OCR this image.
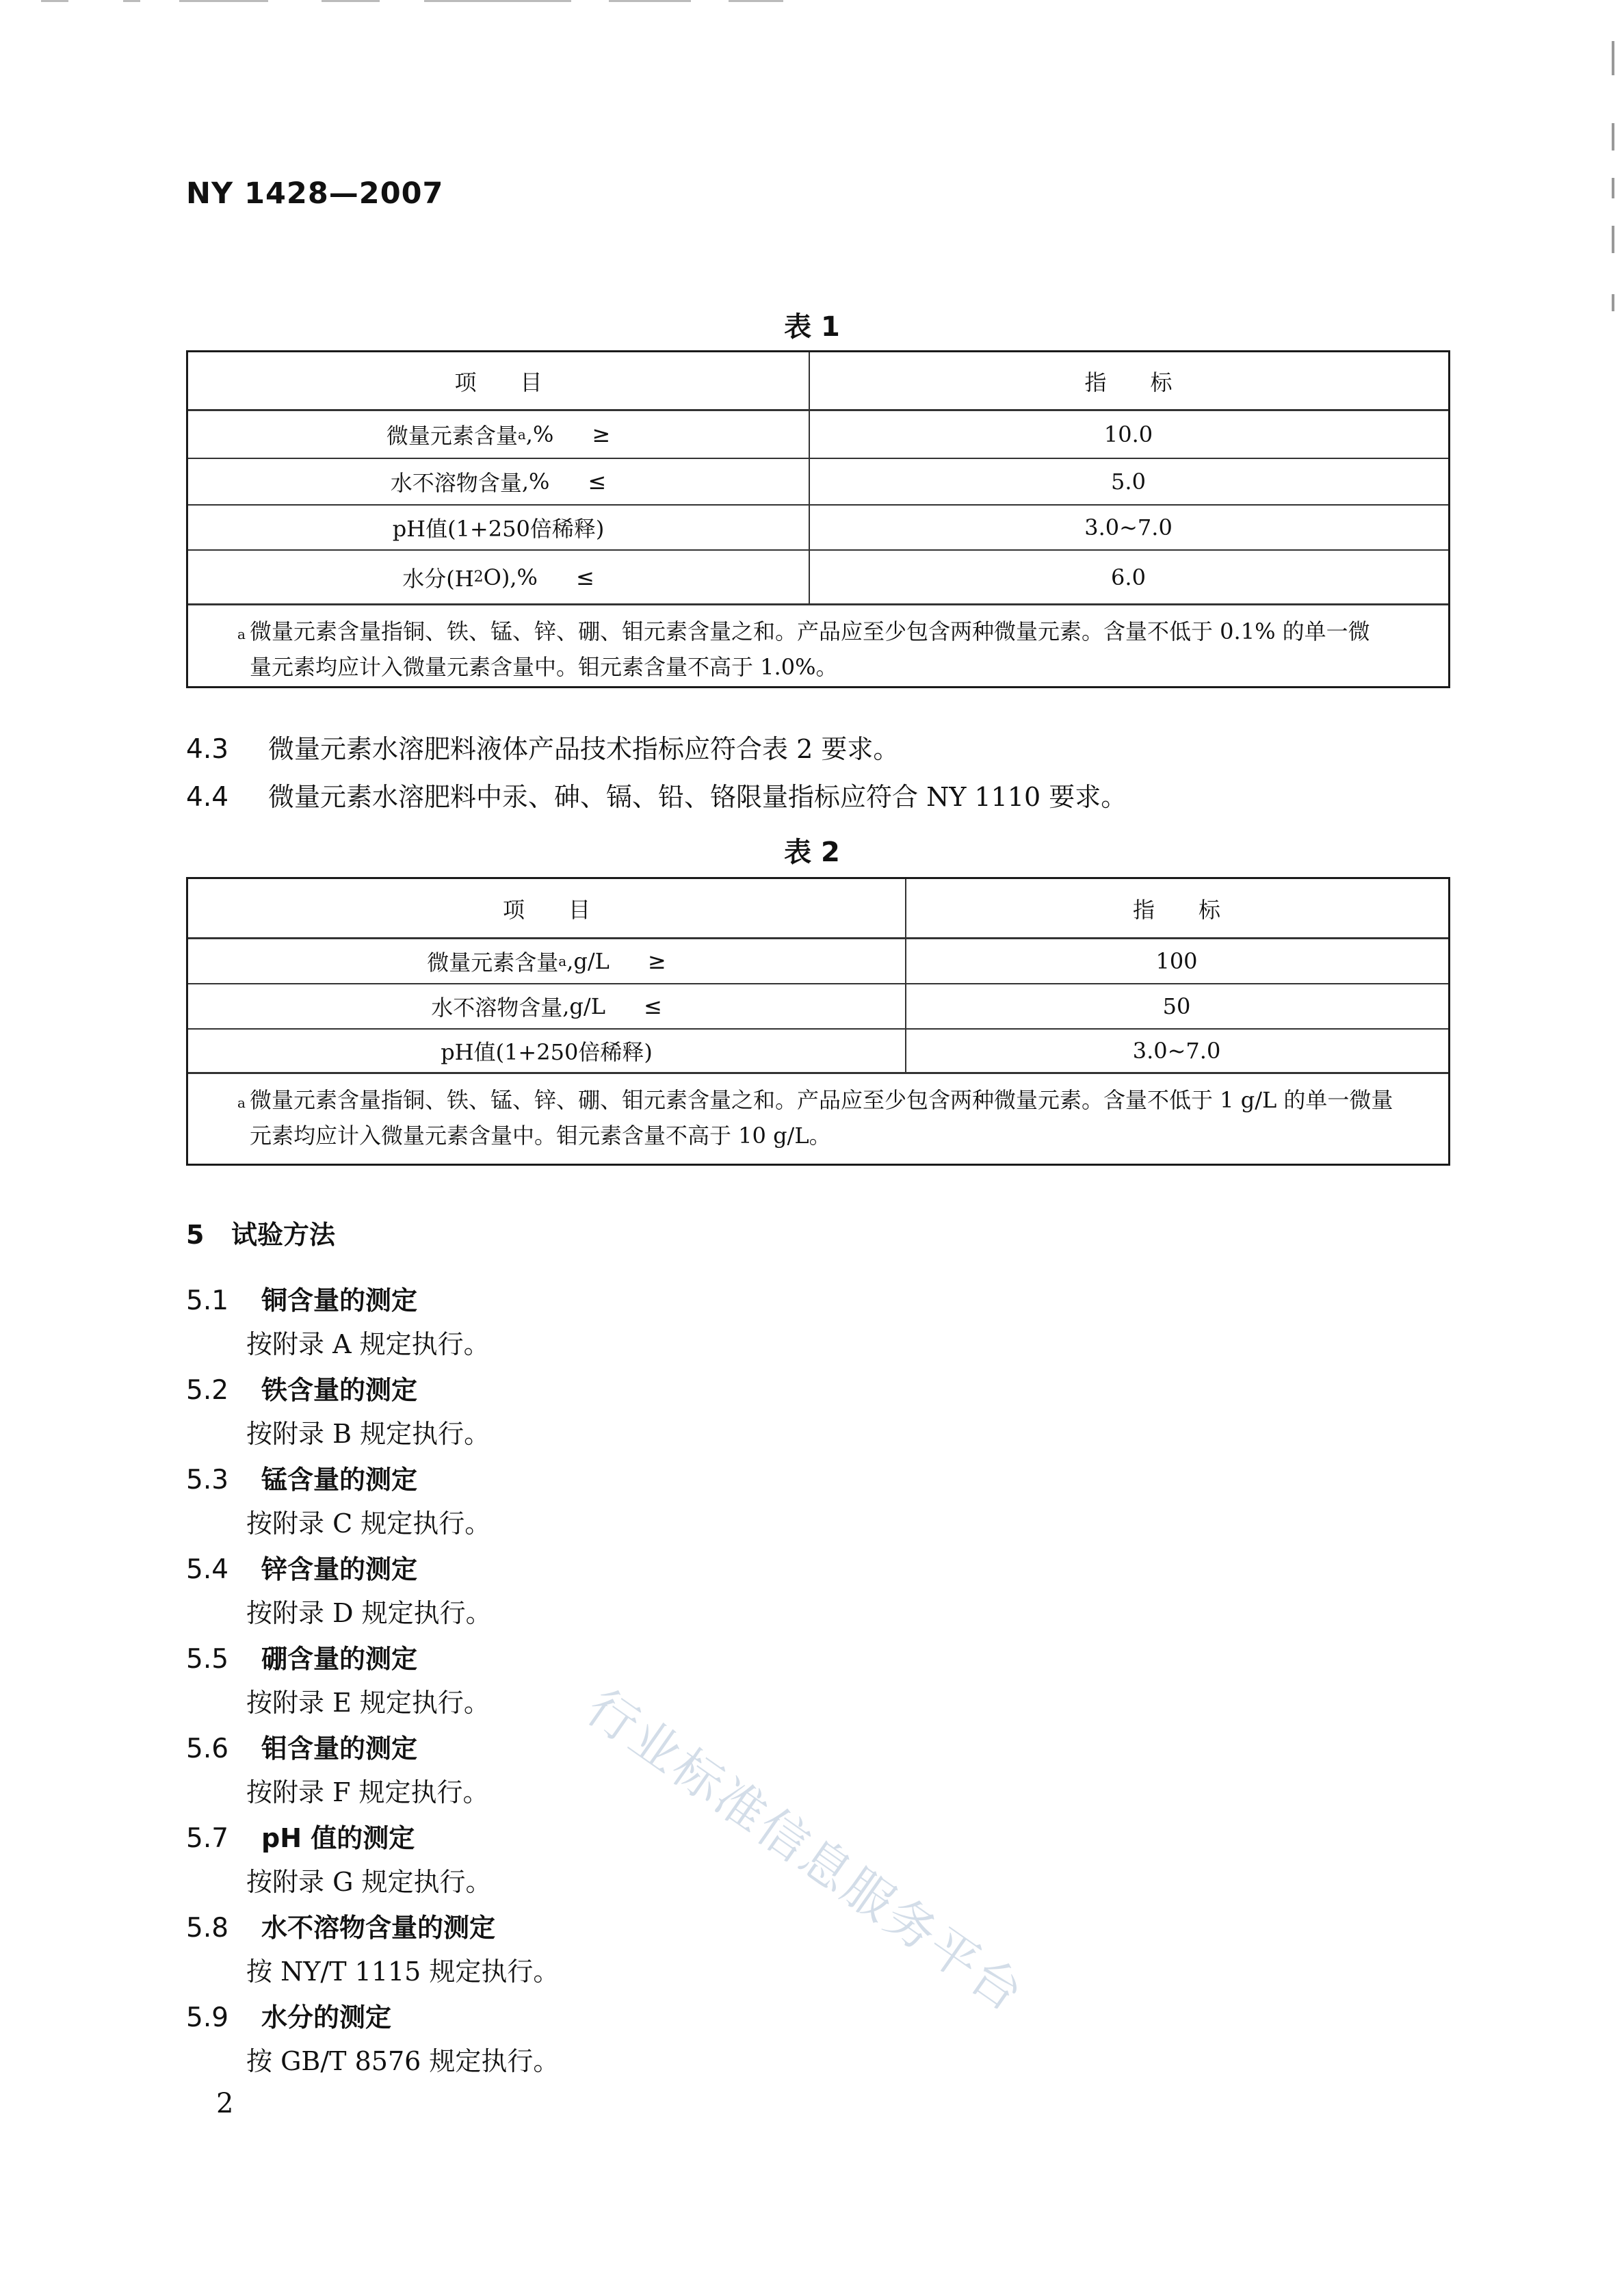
NY 1428—2007
表 1
项　　目	指　　标
微量元素含量 a ,% ≥	10.0
水不溶物含量 ,% ≤	5.0
pH值(1+250倍稀释)	3.0~7.0
水分(H 2 O) ,% ≤	6.0
a 微量元素含量指铜、铁、锰、锌、硼、钼元素含量之和。产品应至少包含两种微量元素。含量不低于 0.1% 的单一微
量元素均应计入微量元素含量中。钼元素含量不高于 1.0%。
4.3 微量元素水溶肥料液体产品技术指标应符合表 2 要求。
4.4 微量元素水溶肥料中汞、砷、镉、铅、铬限量指标应符合 NY 1110 要求。
表 2
项　　目	指　　标
微量元素含量 a ,g/L ≥	100
水不溶物含量 ,g/L ≤	50
pH值(1+250倍稀释)	3.0~7.0
a 微量元素含量指铜、铁、锰、锌、硼、钼元素含量之和。产品应至少包含两种微量元素。含量不低于 1 g/L 的单一微量
元素均应计入微量元素含量中。钼元素含量不高于 10 g/L。
5 试验方法
5.1 铜含量的测定
按附录 A 规定执行。
5.2 铁含量的测定
按附录 B 规定执行。
5.3 锰含量的测定
按附录 C 规定执行。
5.4 锌含量的测定
按附录 D 规定执行。
5.5 硼含量的测定
按附录 E 规定执行。
5.6 钼含量的测定
按附录 F 规定执行。
5.7 pH 值的测定
按附录 G 规定执行。
5.8 水不溶物含量的测定
按 NY/T 1115 规定执行。
5.9 水分的测定
按 GB/T 8576 规定执行。
2
行业标准信息服务平台
